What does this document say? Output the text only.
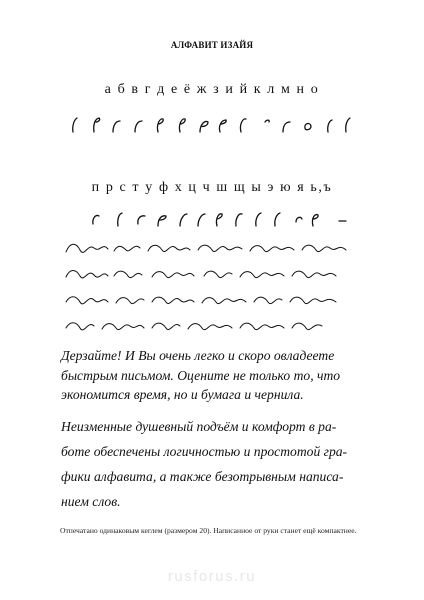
АЛФАВИТ ИЗАЙЯ
а б в г д е ё ж з и й к л м н о
п р с т у ф х ц ч ш щ ы э ю я ь,ъ
Дерзайте! И Вы очень легко и скоро овладеете
быстрым письмом. Оцените не только то, что
экономится время, но и бумага и чернила.
Неизменные душевный подъём и комфорт в ра-
боте обеспечены логичностью и простотой гра-
фики алфавита, а также безотрывным написа-
нием слов.
Отпечатано одинаковым кеглем (размером 20). Написанное от руки станет ещё компактнее.
rusforus.ru
